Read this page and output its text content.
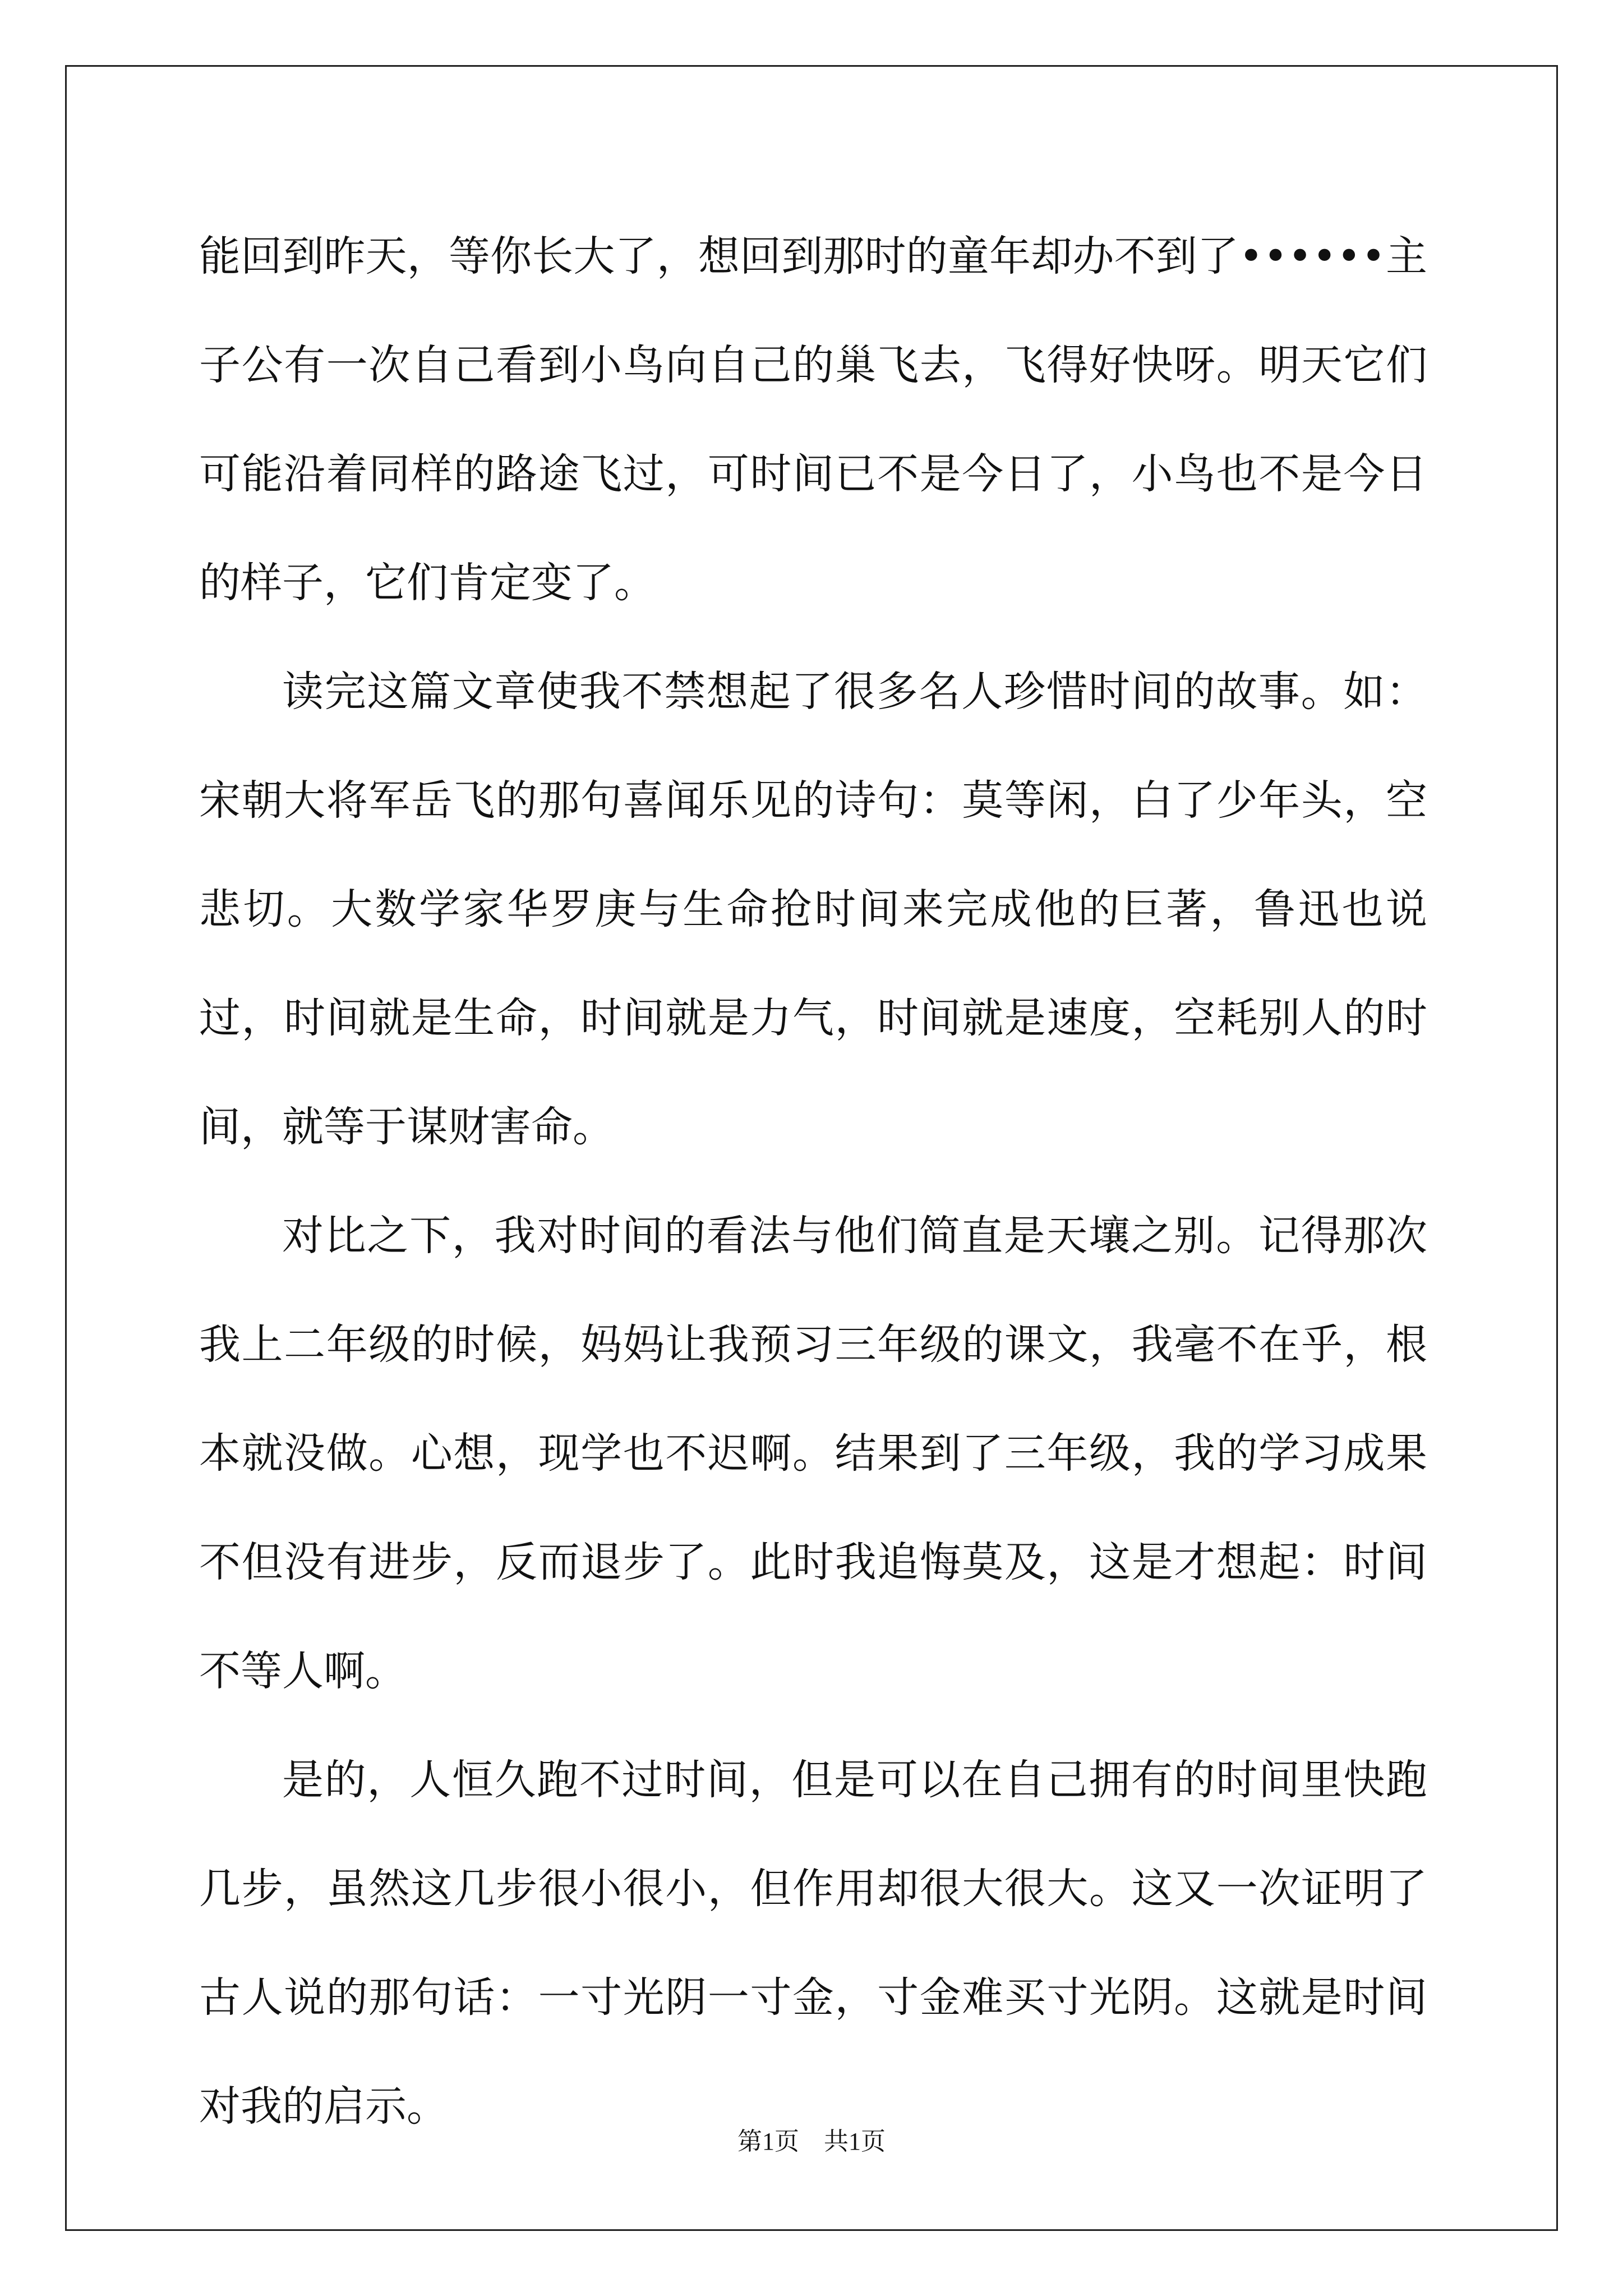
能回到昨天，等你长大了，想回到那时的童年却办不到了••••••主子公有一次自己看到小鸟向自己的巢飞去，飞得好快呀。明天它们可能沿着同样的路途飞过，可时间已不是今日了，小鸟也不是今日的样子，它们肯定变了。

读完这篇文章使我不禁想起了很多名人珍惜时间的故事。如：宋朝大将军岳飞的那句喜闻乐见的诗句：莫等闲，白了少年头，空悲切。大数学家华罗庚与生命抢时间来完成他的巨著，鲁迅也说过，时间就是生命，时间就是力气，时间就是速度，空耗别人的时间，就等于谋财害命。

对比之下，我对时间的看法与他们简直是天壤之别。记得那次我上二年级的时候，妈妈让我预习三年级的课文，我毫不在乎，根本就没做。心想，现学也不迟啊。结果到了三年级，我的学习成果不但没有进步，反而退步了。此时我追悔莫及，这是才想起：时间不等人啊。

是的，人恒久跑不过时间，但是可以在自己拥有的时间里快跑几步，虽然这几步很小很小，但作用却很大很大。这又一次证明了古人说的那句话：一寸光阴一寸金，寸金难买寸光阴。这就是时间对我的启示。

第1页 共1页
